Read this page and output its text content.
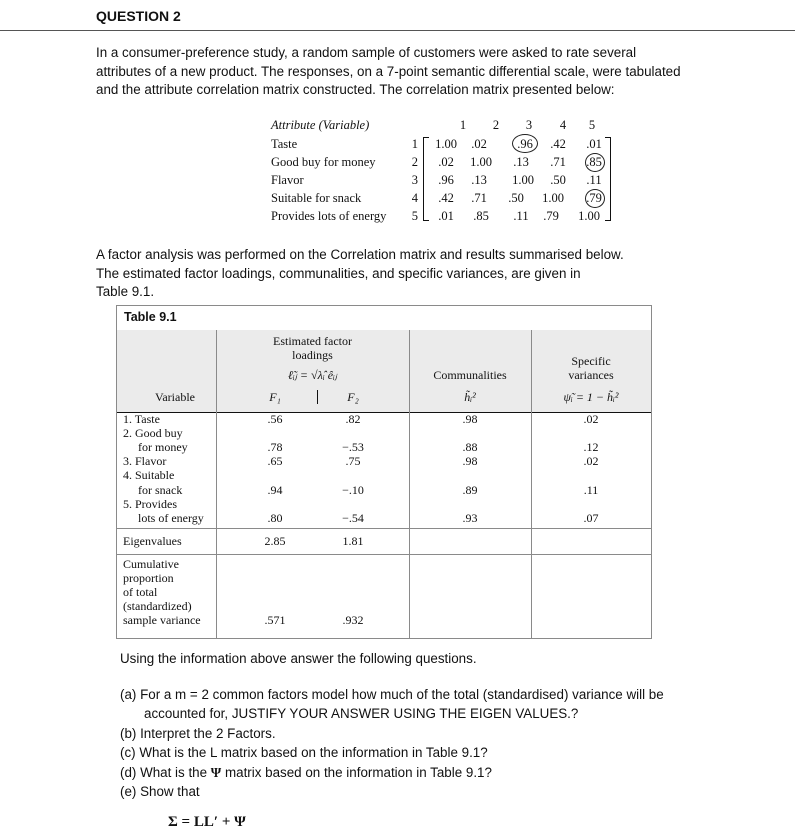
QUESTION 2
In a consumer-preference study, a random sample of customers were asked to rate several
attributes of a new product. The responses, on a 7-point semantic differential scale, were tabulated
and the attribute correlation matrix constructed. The correlation matrix presented below:
Attribute (Variable)	1	2	3	4	5
Taste	1	1.00	.02	.96	.42	.01
Good buy for money	2	.02	1.00	.13	.71	.85
Flavor	3	.96	.13	1.00	.50	.11
Suitable for snack	4	.42	.71	.50	1.00	.79
Provides lots of energy	5	.01	.85	.11	.79	1.00
A factor analysis was performed on the Correlation matrix and results summarised below.
The estimated factor loadings, communalities, and specific variances, are given in
Table 9.1.
Table 9.1
Estimated factor
loadings
ℓ̃ᵢⱼ = √λ̂ᵢ êᵢⱼ
F₁	F₂
Variable
Communalities
h̃ᵢ²
Specific
variances
ψ̃ᵢ = 1 − h̃ᵢ²
1. Taste	.56	.82	.98	.02
2. Good buy
for money	.78	−.53	.88	.12
3. Flavor	.65	.75	.98	.02
4. Suitable
for snack	.94	−.10	.89	.11
5. Provides
lots of energy	.80	−.54	.93	.07
Eigenvalues	2.85	1.81
Cumulative
proportion
of total
(standardized)
sample variance	.571	.932
Using the information above answer the following questions.
(a) For a m = 2 common factors model how much of the total (standardised) variance will be
accounted for, JUSTIFY YOUR ANSWER USING THE EIGEN VALUES.?
(b) Interpret the 2 Factors.
(c) What is the L matrix based on the information in Table 9.1?
(d) What is the Ψ matrix based on the information in Table 9.1?
(e) Show that
Σ = LL′ + Ψ
